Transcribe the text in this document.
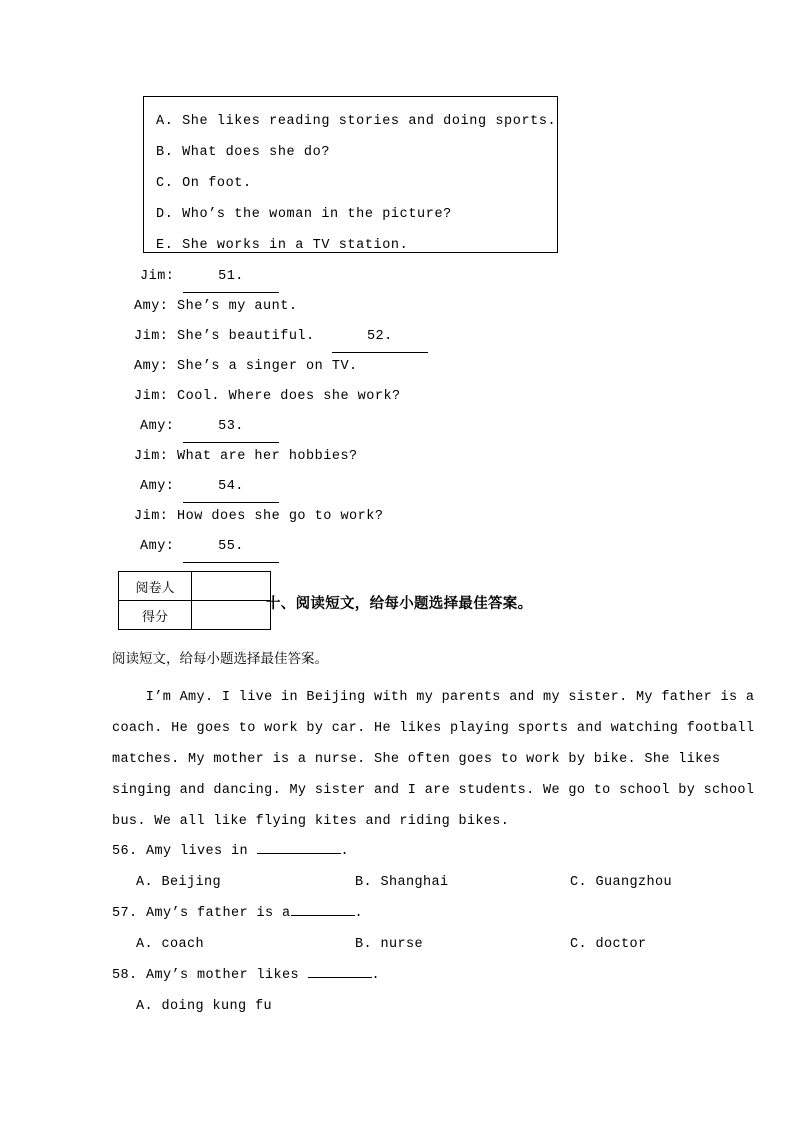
A. She likes reading stories and doing sports.
B. What does she do?
C. On foot.
D. Who’s the woman in the picture?
E. She works in a TV station.
Jim:	51.
Amy: She’s my aunt.
Jim: She’s beautiful.	52.
Amy: She’s a singer on TV.
Jim: Cool. Where does she work?
Amy:	53.
Jim: What are her hobbies?
Amy:	54.
Jim: How does she go to work?
Amy:	55.
阅卷人	
得分	
十、阅读短文，给每小题选择最佳答案。
阅读短文，给每小题选择最佳答案。
I’m Amy. I live in Beijing with my parents and my sister. My father is a
coach. He goes to work by car. He likes playing sports and watching football
matches. My mother is a nurse. She often goes to work by bike. She likes
singing and dancing. My sister and I are students. We go to school by school
bus. We all like flying kites and riding bikes.
56. Amy lives in	.

A. Beijing

	B. Shanghai

	C. Guangzhou

57. Amy’s father is a	.

A. coach

	B. nurse

	C. doctor

58. Amy’s mother likes	.

A. doing kung fu
